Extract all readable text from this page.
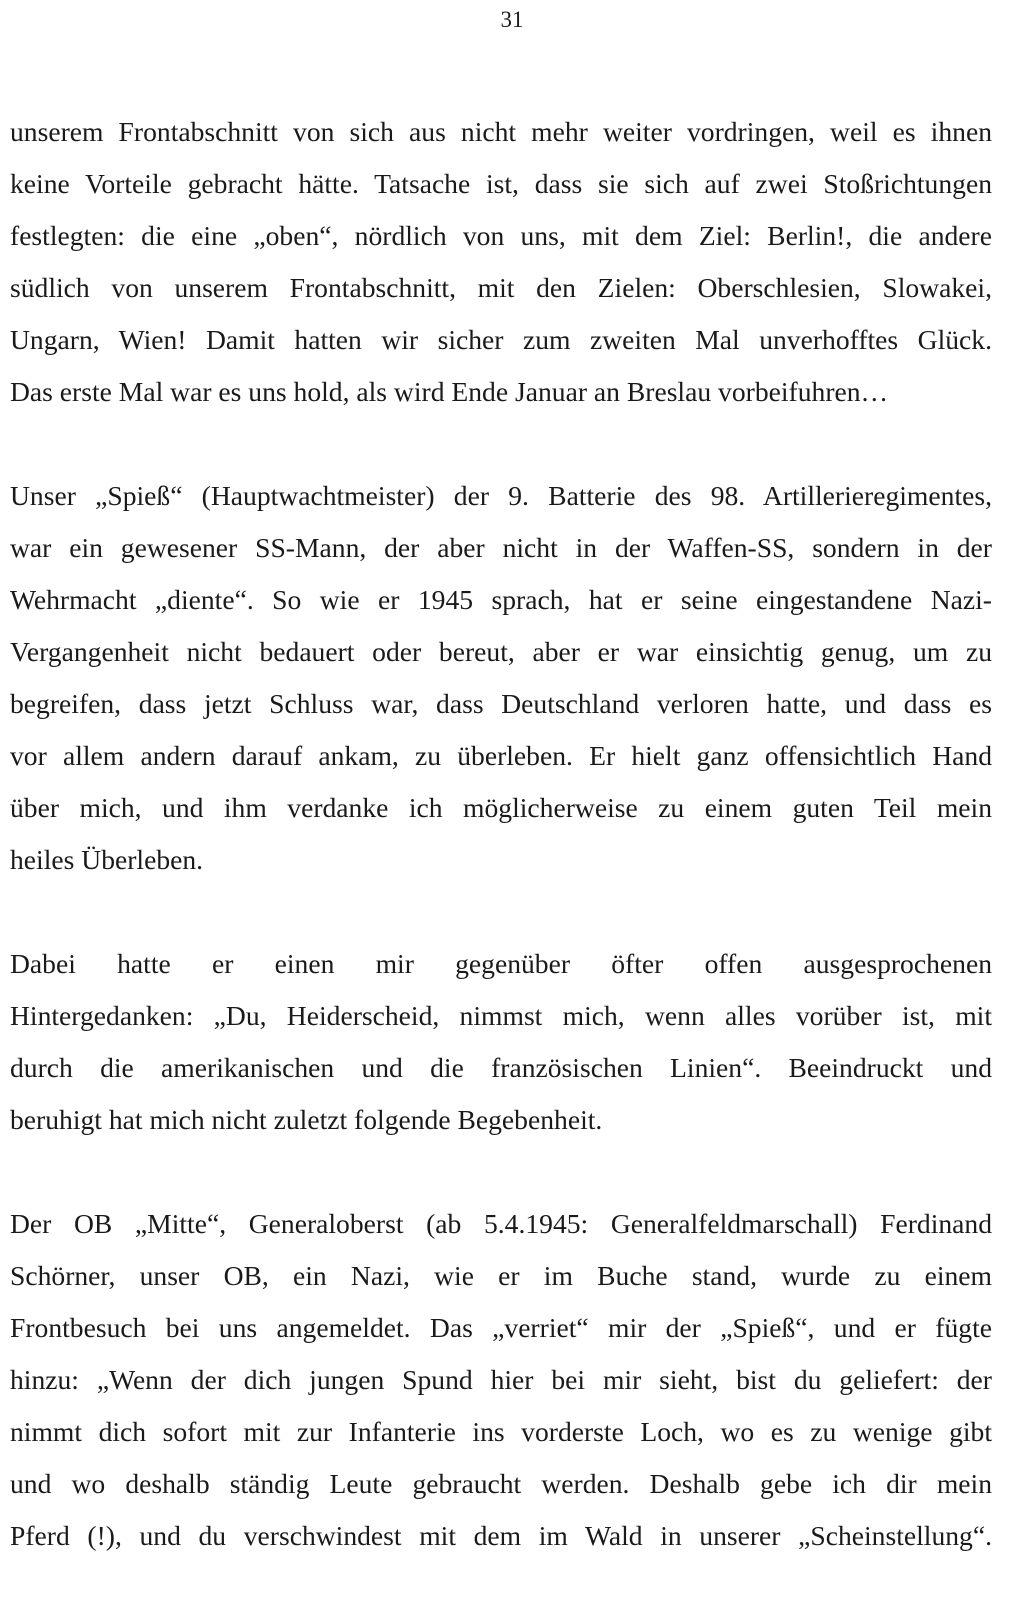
31

unserem Frontabschnitt von sich aus nicht mehr weiter vordringen, weil es ihnen
keine Vorteile gebracht hätte. Tatsache ist, dass sie sich auf zwei Stoßrichtungen
festlegten: die eine „oben“, nördlich von uns, mit dem Ziel: Berlin!, die andere
südlich von unserem Frontabschnitt, mit den Zielen: Oberschlesien, Slowakei,
Ungarn, Wien! Damit hatten wir sicher zum zweiten Mal unverhofftes Glück.
Das erste Mal war es uns hold, als wird Ende Januar an Breslau vorbeifuhren…

Unser „Spieß“ (Hauptwachtmeister) der 9. Batterie des 98. Artillerieregimentes,
war ein gewesener SS-Mann, der aber nicht in der Waffen-SS, sondern in der
Wehrmacht „diente“. So wie er 1945 sprach, hat er seine eingestandene Nazi-
Vergangenheit nicht bedauert oder bereut, aber er war einsichtig genug, um zu
begreifen, dass jetzt Schluss war, dass Deutschland verloren hatte, und dass es
vor allem andern darauf ankam, zu überleben. Er hielt ganz offensichtlich Hand
über mich, und ihm verdanke ich möglicherweise zu einem guten Teil mein
heiles Überleben.

Dabei hatte er einen mir gegenüber öfter offen ausgesprochenen
Hintergedanken: „Du, Heiderscheid, nimmst mich, wenn alles vorüber ist, mit
durch die amerikanischen und die französischen Linien“. Beeindruckt und
beruhigt hat mich nicht zuletzt folgende Begebenheit.

Der OB „Mitte“, Generaloberst (ab 5.4.1945: Generalfeldmarschall) Ferdinand
Schörner, unser OB, ein Nazi, wie er im Buche stand, wurde zu einem
Frontbesuch bei uns angemeldet. Das „verriet“ mir der „Spieß“, und er fügte
hinzu: „Wenn der dich jungen Spund hier bei mir sieht, bist du geliefert: der
nimmt dich sofort mit zur Infanterie ins vorderste Loch, wo es zu wenige gibt
und wo deshalb ständig Leute gebraucht werden. Deshalb gebe ich dir mein
Pferd (!), und du verschwindest mit dem im Wald in unserer „Scheinstellung“.
